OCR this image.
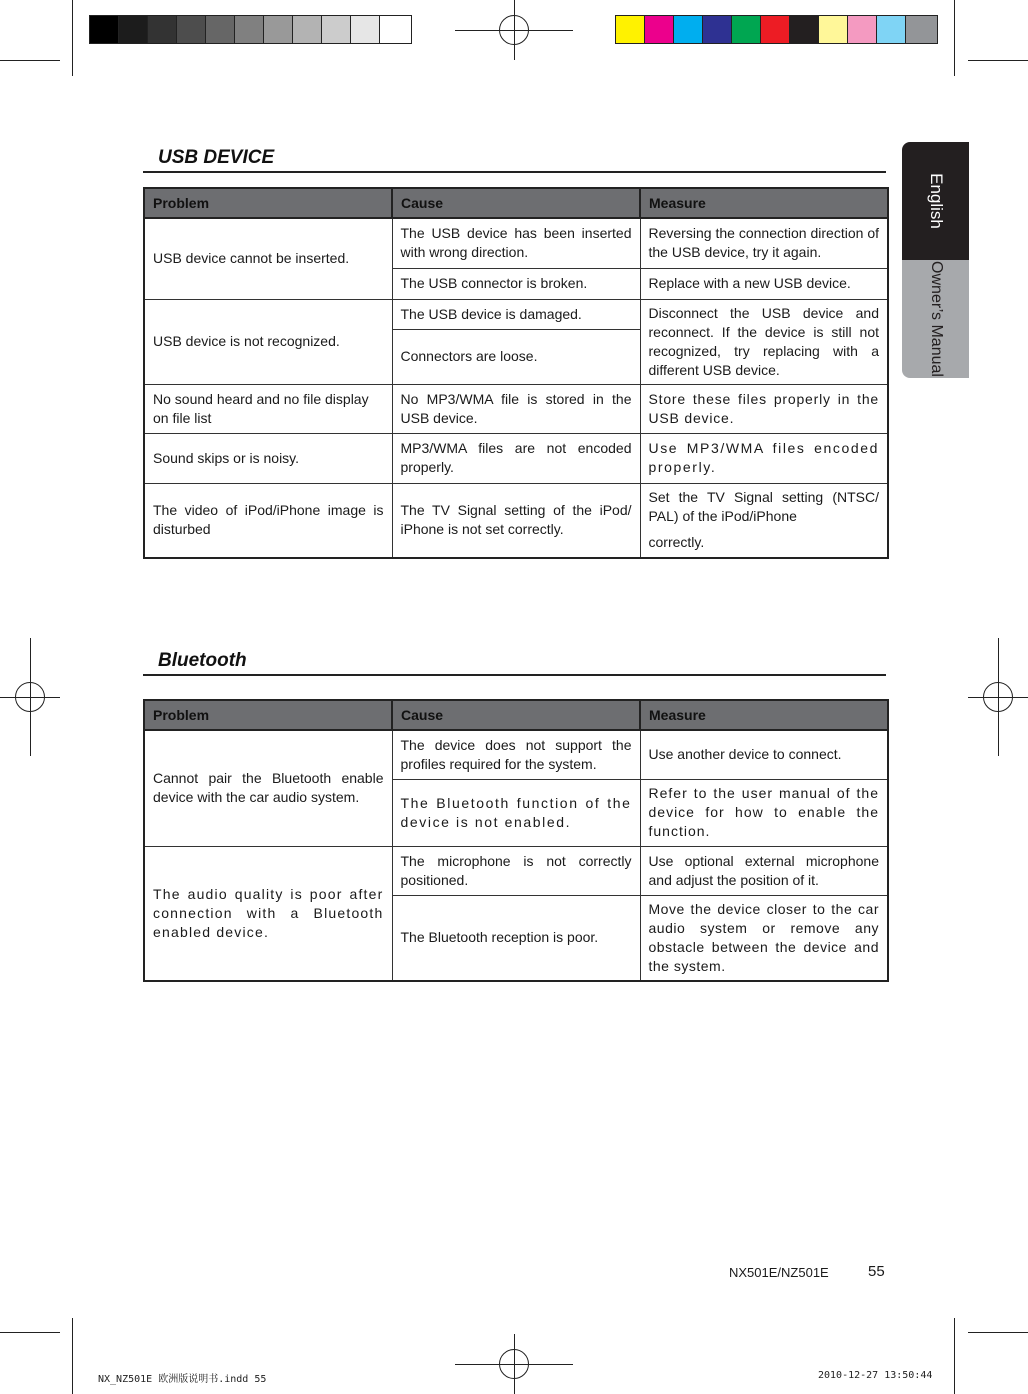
English
Owner’s Manual
USB DEVICE
Problem	Cause	Measure
USB device cannot be inserted.	The USB device has been inserted with wrong direction.	Reversing the connection direction of the USB device, try it again.
	The USB connector is broken.	Replace with a new USB device.
USB device is not recognized.	The USB device is damaged.	Disconnect the USB device and reconnect. If the device is still not recognized, try replacing with a different USB device.
	Connectors are loose.	
No sound heard and no file display on file list	No MP3/WMA file is stored in the USB device.	Store these files properly in the USB device.
Sound skips or is noisy.	MP3/WMA files are not encoded properly.	Use MP3/WMA files encoded properly.
The video of iPod/iPhone image is disturbed	The TV Signal setting of the iPod/ iPhone is not set correctly.	Set the TV Signal setting (NTSC/ PAL) of the iPod/iPhone
correctly.
Bluetooth
Problem	Cause	Measure
Cannot pair the Bluetooth enable device with the car audio system.	The device does not support the profiles required for the system.	Use another device to connect.
	The Bluetooth function of the device is not enabled.	Refer to the user manual of the device for how to enable the function.
The audio quality is poor after connection with a Bluetooth enabled device.	The microphone is not correctly positioned.	Use optional external microphone and adjust the position of it.
	The Bluetooth reception is poor.	Move the device closer to the car audio system or remove any obstacle between the device and the system.
NX501E/NZ501E	55
NX_NZ501E 欧洲版说明书.indd 55	2010-12-27 13:50:44
